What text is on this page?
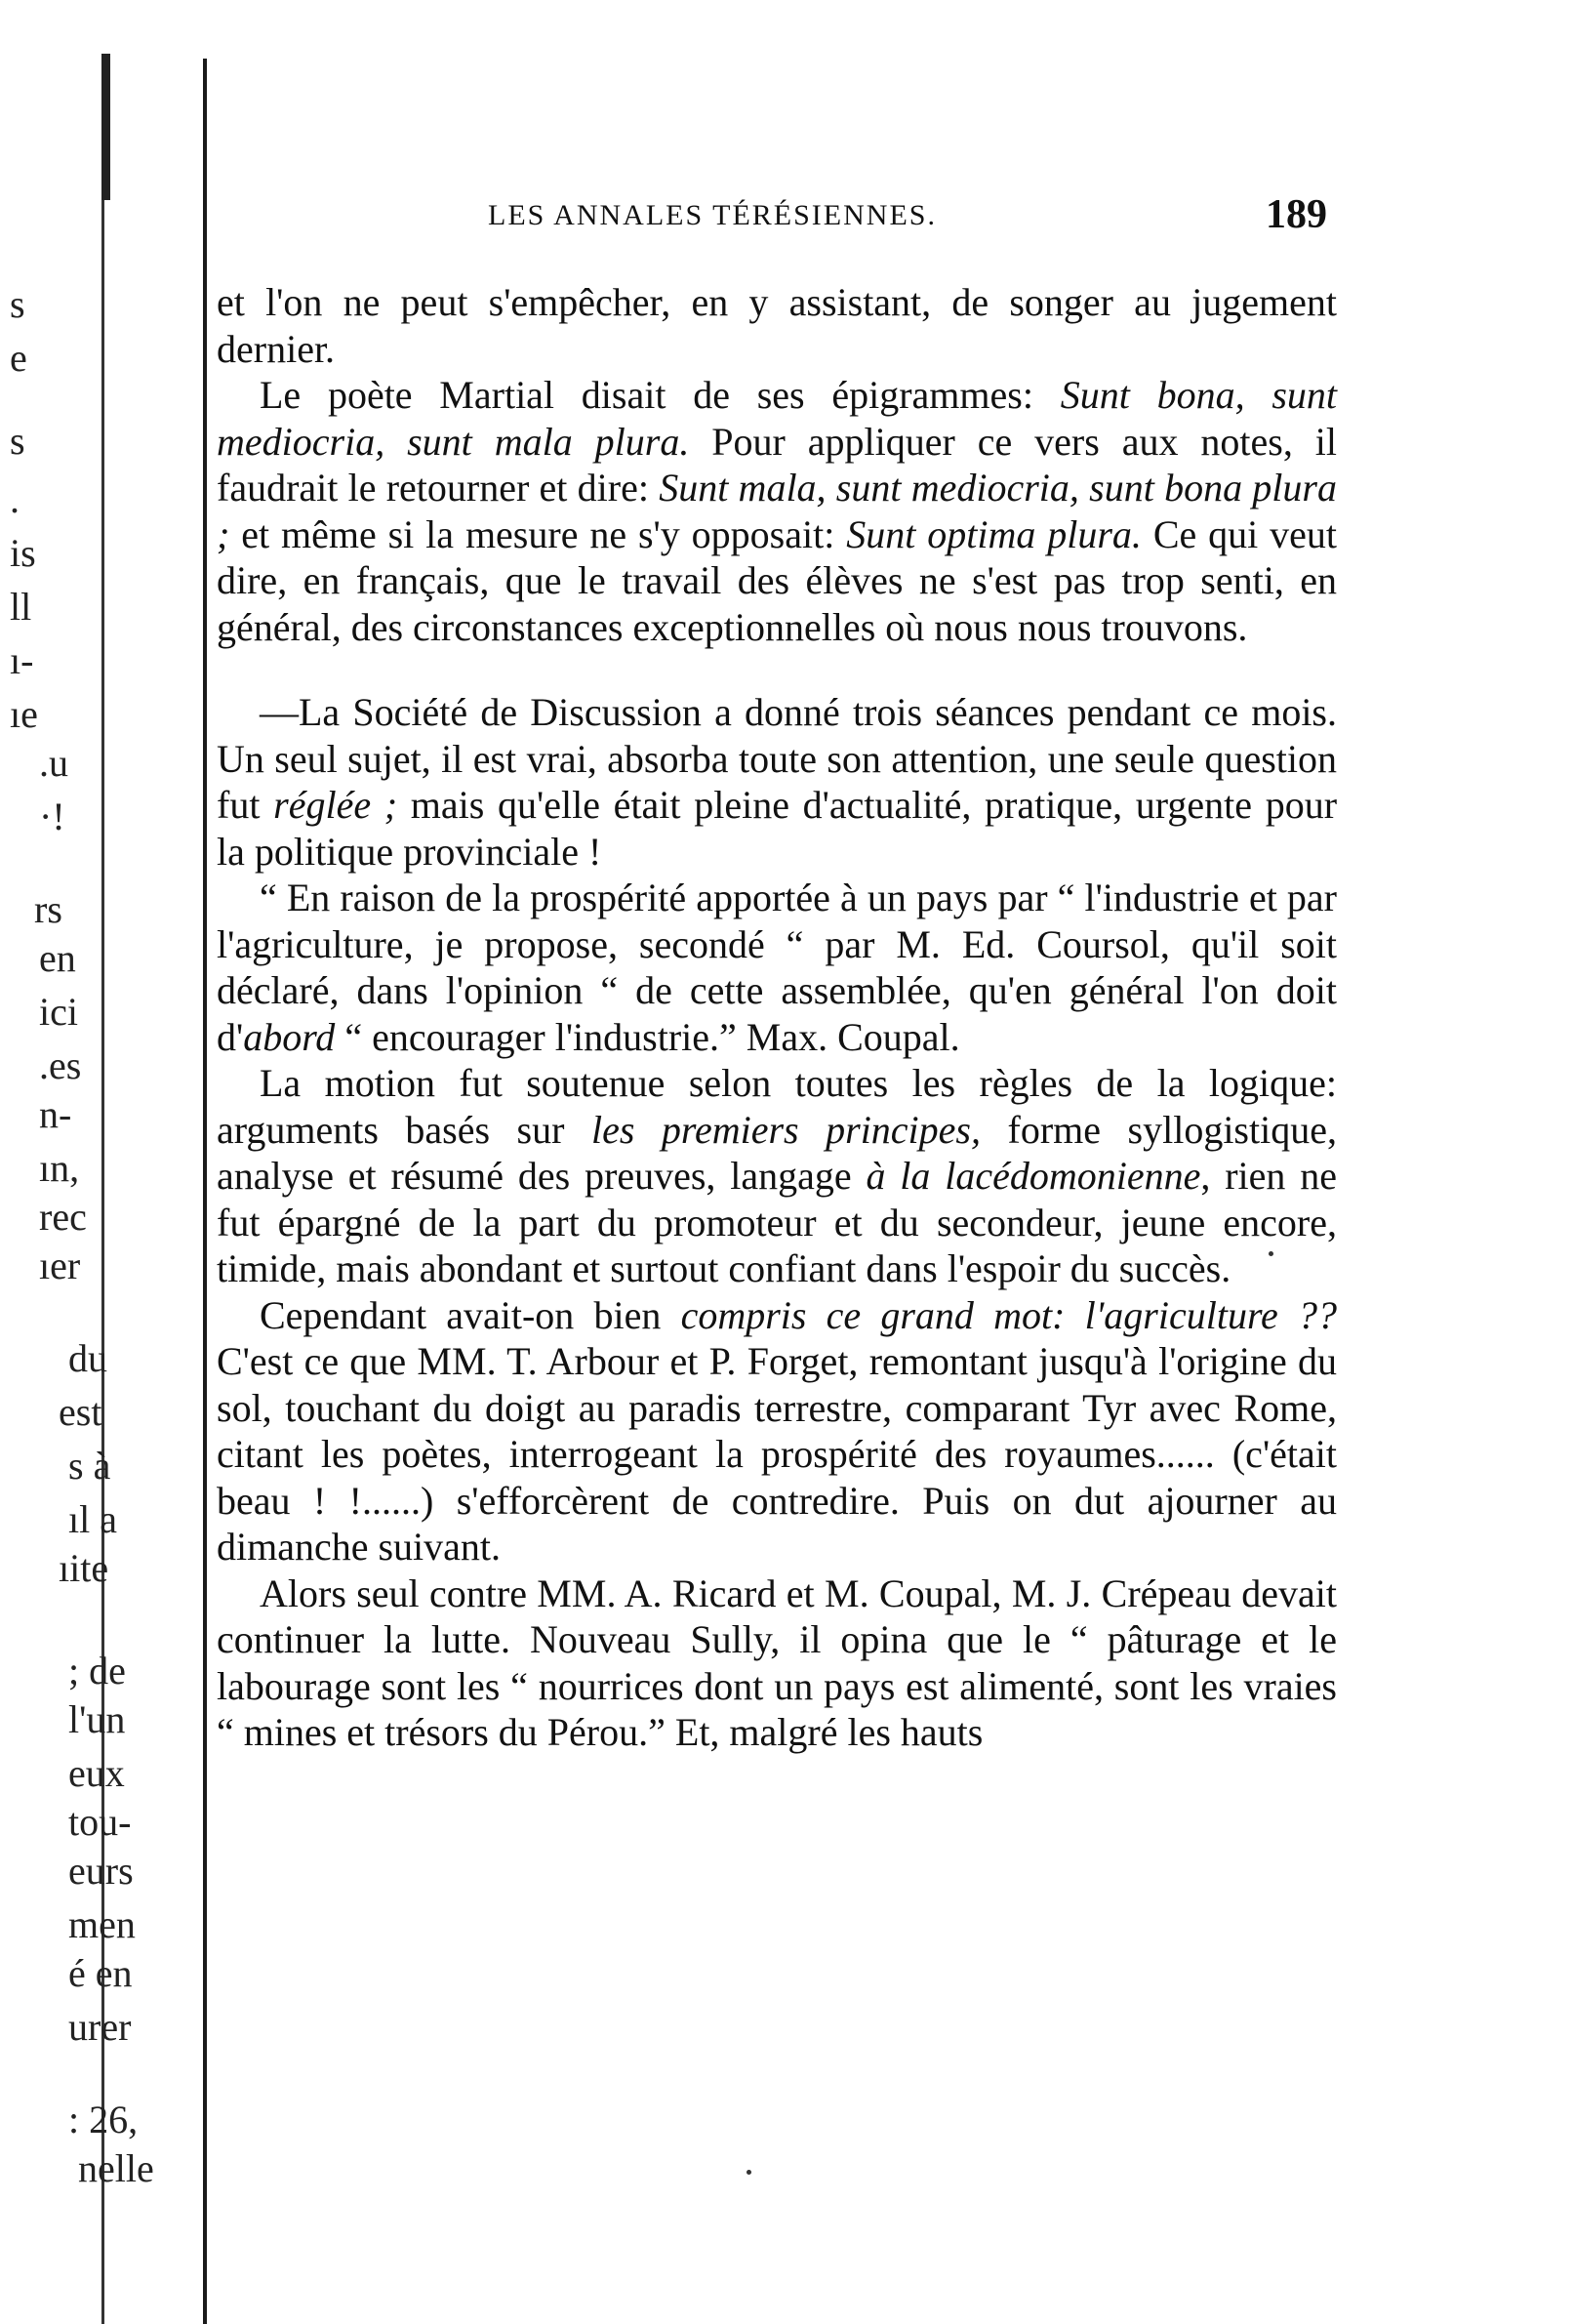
s
e
s
.
is
ll
ı-
ıe
.u
·!
rs
en
ici
.es
n-
ın,
rec
ıer
du
est
s à
ıl a
ıite
; de
l'un
eux
tou-
eurs
men
é en
urer
: 26,
nelle
LES ANNALES TÉRÉSIENNES.	189

et l'on ne peut s'empêcher, en y assistant, de songer au jugement dernier.

Le poète Martial disait de ses épigrammes: Sunt bona, sunt mediocria, sunt mala plura. Pour appliquer ce vers aux notes, il faudrait le retourner et dire: Sunt mala, sunt mediocria, sunt bona plura ; et même si la mesure ne s'y opposait: Sunt optima plura. Ce qui veut dire, en français, que le travail des élèves ne s'est pas trop senti, en général, des circonstances exceptionnelles où nous nous trouvons.

—La Société de Discussion a donné trois séances pendant ce mois. Un seul sujet, il est vrai, absorba toute son attention, une seule question fut réglée ; mais qu'elle était pleine d'actualité, pratique, urgente pour la politique provinciale !

“ En raison de la prospérité apportée à un pays par “ l'industrie et par l'agriculture, je propose, secondé “ par M. Ed. Coursol, qu'il soit déclaré, dans l'opinion “ de cette assemblée, qu'en général l'on doit d'abord “ encourager l'industrie.” Max. Coupal.

La motion fut soutenue selon toutes les règles de la logique: arguments basés sur les premiers principes, forme syllogistique, analyse et résumé des preuves, langage à la lacédomonienne, rien ne fut épargné de la part du promoteur et du secondeur, jeune encore, timide, mais abondant et surtout confiant dans l'espoir du succès.

Cependant avait-on bien compris ce grand mot: l'agriculture ?? C'est ce que MM. T. Arbour et P. Forget, remontant jusqu'à l'origine du sol, touchant du doigt au paradis terrestre, comparant Tyr avec Rome, citant les poètes, interrogeant la prospérité des royaumes...... (c'était beau ! !......) s'efforcèrent de contredire. Puis on dut ajourner au dimanche suivant.

Alors seul contre MM. A. Ricard et M. Coupal, M. J. Crépeau devait continuer la lutte. Nouveau Sully, il opina que le “ pâturage et le labourage sont les “ nourrices dont un pays est alimenté, sont les vraies “ mines et trésors du Pérou.” Et, malgré les hauts
